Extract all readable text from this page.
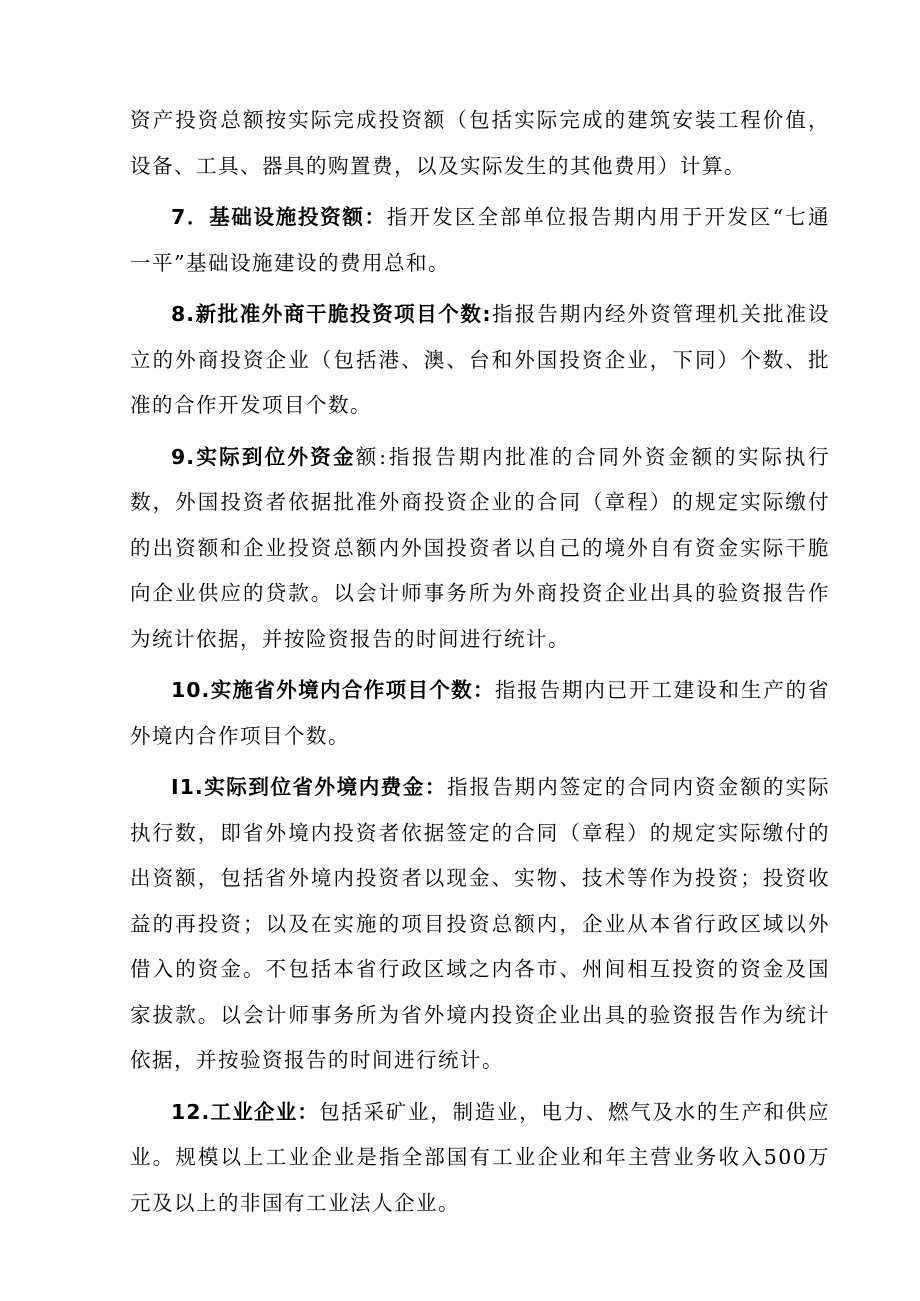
资产投资总额按实际完成投资额（包括实际完成的建筑安装工程价值，设备、工具、器具的购置费，以及实际发生的其他费用）计算。

7．基础设施投资额：指开发区全部单位报告期内用于开发区“七通一平”基础设施建设的费用总和。

8.新批准外商干脆投资项目个数:指报告期内经外资管理机关批准设立的外商投资企业（包括港、澳、台和外国投资企业，下同）个数、批准的合作开发项目个数。

9.实际到位外资金额:指报告期内批准的合同外资金额的实际执行数，外国投资者依据批准外商投资企业的合同（章程）的规定实际缴付的出资额和企业投资总额内外国投资者以自己的境外自有资金实际干脆向企业供应的贷款。以会计师事务所为外商投资企业出具的验资报告作为统计依据，并按险资报告的时间进行统计。

10.实施省外境内合作项目个数：指报告期内已开工建设和生产的省外境内合作项目个数。

I1.实际到位省外境内费金：指报告期内签定的合同内资金额的实际执行数，即省外境内投资者依据签定的合同（章程）的规定实际缴付的出资额，包括省外境内投资者以现金、实物、技术等作为投资；投资收益的再投资；以及在实施的项目投资总额内，企业从本省行政区域以外借入的资金。不包括本省行政区域之内各市、州间相互投资的资金及国家拔款。以会计师事务所为省外境内投资企业出具的验资报告作为统计依据，并按验资报告的时间进行统计。

12.工业企业：包括采矿业，制造业，电力、燃气及水的生产和供应业。规模以上工业企业是指全部国有工业企业和年主营业务收入500万元及以上的非国有工业法人企业。
